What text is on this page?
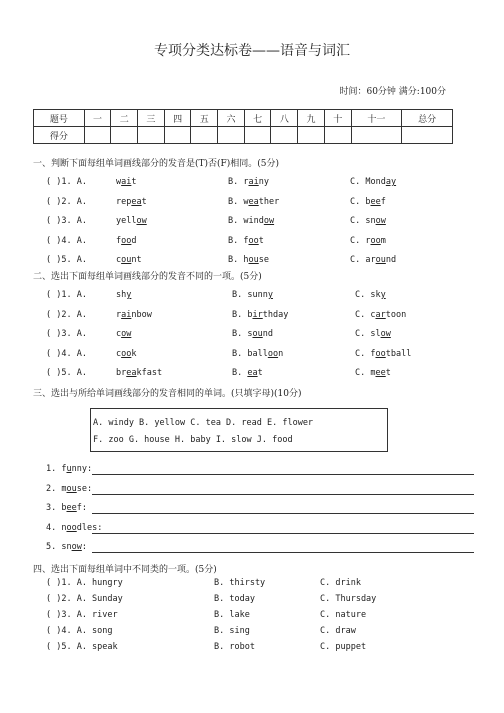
专项分类达标卷——语音与词汇
时间：60分钟 满分:100分
题号	一	二	三	四	五	六	七	八	九	十	十一	总分
得分												
一、判断下面每组单词画线部分的发音是(T)否(F)相同。(5分)
( )1. A.	wait	B. rainy	C. Monday
( )2. A.	repeat	B. weather	C. beef
( )3. A.	yellow	B. window	C. snow
( )4. A.	food	B. foot	C. room
( )5. A.	count	B. house	C. around
二、选出下面每组单词画线部分的发音不同的一项。(5分)
( )1. A.	shy	B. sunny	C. sky
( )2. A.	rainbow	B. birthday	C. cartoon
( )3. A.	cow	B. sound	C. slow
( )4. A.	cook	B. balloon	C. football
( )5. A.	breakfast	B. eat	C. meet
三、选出与所给单词画线部分的发音相同的单词。(只填字母)(10分)
A. windy B. yellow C. tea D. read E. flower
F. zoo G. house H. baby I. slow J. food
1. funny:
2. mouse:
3. beef:
4. noodles:
5. snow:
四、选出下面每组单词中不同类的一项。(5分)
( )1. A. hungry	B. thirsty	C. drink
( )2. A. Sunday	B. today	C. Thursday
( )3. A. river	B. lake	C. nature
( )4. A. song	B. sing	C. draw
( )5. A. speak	B. robot	C. puppet
